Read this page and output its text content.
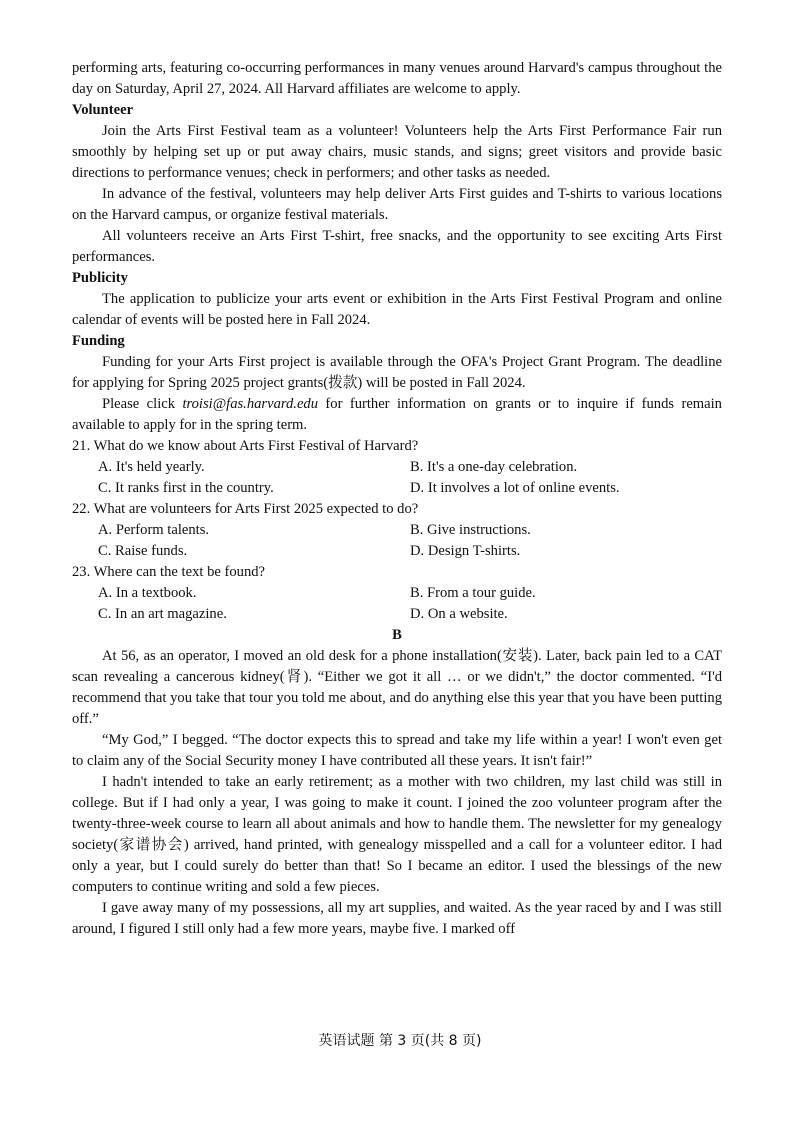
performing arts, featuring co-occurring performances in many venues around Harvard's campus throughout the day on Saturday, April 27, 2024. All Harvard affiliates are welcome to apply.

Volunteer

Join the Arts First Festival team as a volunteer! Volunteers help the Arts First Performance Fair run smoothly by helping set up or put away chairs, music stands, and signs; greet visitors and provide basic directions to performance venues; check in performers; and other tasks as needed.

In advance of the festival, volunteers may help deliver Arts First guides and T-shirts to various locations on the Harvard campus, or organize festival materials.

All volunteers receive an Arts First T-shirt, free snacks, and the opportunity to see exciting Arts First performances.

Publicity

The application to publicize your arts event or exhibition in the Arts First Festival Program and online calendar of events will be posted here in Fall 2024.

Funding

Funding for your Arts First project is available through the OFA's Project Grant Program. The deadline for applying for Spring 2025 project grants(拨款) will be posted in Fall 2024.

Please click troisi@fas.harvard.edu for further information on grants or to inquire if funds remain available to apply for in the spring term.

21. What do we know about Arts First Festival of Harvard?

A. It's held yearly.	B. It's a one-day celebration.
C. It ranks first in the country.	D. It involves a lot of online events.

22. What are volunteers for Arts First 2025 expected to do?

A. Perform talents.	B. Give instructions.
C. Raise funds.	D. Design T-shirts.

23. Where can the text be found?

A. In a textbook.	B. From a tour guide.
C. In an art magazine.	D. On a website.

B

At 56, as an operator, I moved an old desk for a phone installation(安装). Later, back pain led to a CAT scan revealing a cancerous kidney(肾). “Either we got it all … or we didn't,” the doctor commented. “I'd recommend that you take that tour you told me about, and do anything else this year that you have been putting off.”

“My God,” I begged. “The doctor expects this to spread and take my life within a year! I won't even get to claim any of the Social Security money I have contributed all these years. It isn't fair!”

I hadn't intended to take an early retirement; as a mother with two children, my last child was still in college. But if I had only a year, I was going to make it count. I joined the zoo volunteer program after the twenty-three-week course to learn all about animals and how to handle them. The newsletter for my genealogy society(家谱协会) arrived, hand printed, with genealogy misspelled and a call for a volunteer editor. I had only a year, but I could surely do better than that! So I became an editor. I used the blessings of the new computers to continue writing and sold a few pieces.

I gave away many of my possessions, all my art supplies, and waited. As the year raced by and I was still around, I figured I still only had a few more years, maybe five. I marked off

英语试题 第 3 页(共 8 页)
